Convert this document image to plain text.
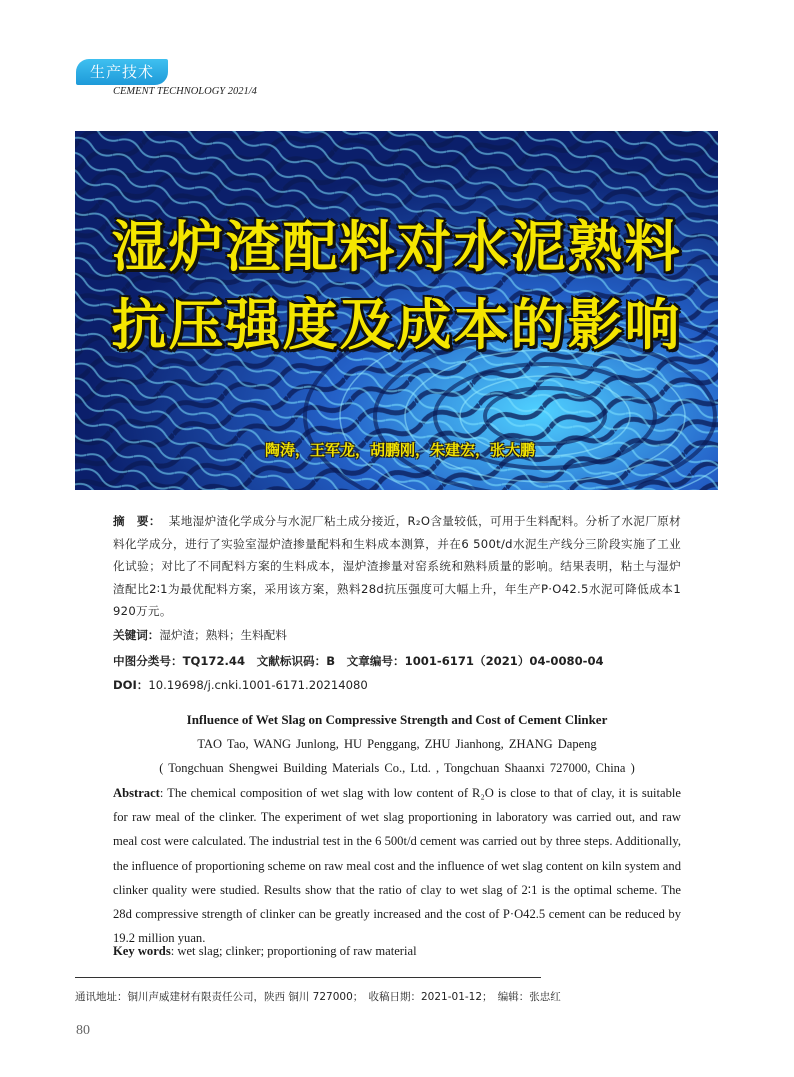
生产技术
CEMENT TECHNOLOGY 2021/4
湿炉渣配料对水泥熟料
抗压强度及成本的影响
陶涛，王军龙，胡鹏刚，朱建宏，张大鹏
摘　要： 某地湿炉渣化学成分与水泥厂粘土成分接近，R₂O含量较低，可用于生料配料。分析了水泥厂原材料化学成分，进行了实验室湿炉渣掺量配料和生料成本测算，并在6 500t/d水泥生产线分三阶段实施了工业化试验；对比了不同配料方案的生料成本，湿炉渣掺量对窑系统和熟料质量的影响。结果表明，粘土与湿炉渣配比2∶1为最优配料方案，采用该方案，熟料28d抗压强度可大幅上升，年生产P·O42.5水泥可降低成本1 920万元。
关键词：湿炉渣；熟料；生料配料
中图分类号：TQ172.44　文献标识码：B　文章编号：1001-6171（2021）04-0080-04
DOI：10.19698/j.cnki.1001-6171.20214080
Influence of Wet Slag on Compressive Strength and Cost of Cement Clinker
TAO Tao, WANG Junlong, HU Penggang, ZHU Jianhong, ZHANG Dapeng
( Tongchuan Shengwei Building Materials Co., Ltd. , Tongchuan Shaanxi 727000, China )
Abstract: The chemical composition of wet slag with low content of R₂O is close to that of clay, it is suitable for raw meal of the clinker. The experiment of wet slag proportioning in laboratory was carried out, and raw meal cost were calculated. The industrial test in the 6 500t/d cement was carried out by three steps. Additionally, the influence of proportioning scheme on raw meal cost and the influence of wet slag content on kiln system and clinker quality were studied. Results show that the ratio of clay to wet slag of 2∶1 is the optimal scheme. The 28d compressive strength of clinker can be greatly increased and the cost of P·O42.5 cement can be reduced by 19.2 million yuan.
Key words: wet slag; clinker; proportioning of raw material
通讯地址：铜川声威建材有限责任公司，陕西 铜川 727000；　收稿日期：2021-01-12；　编辑：张忠红
80
